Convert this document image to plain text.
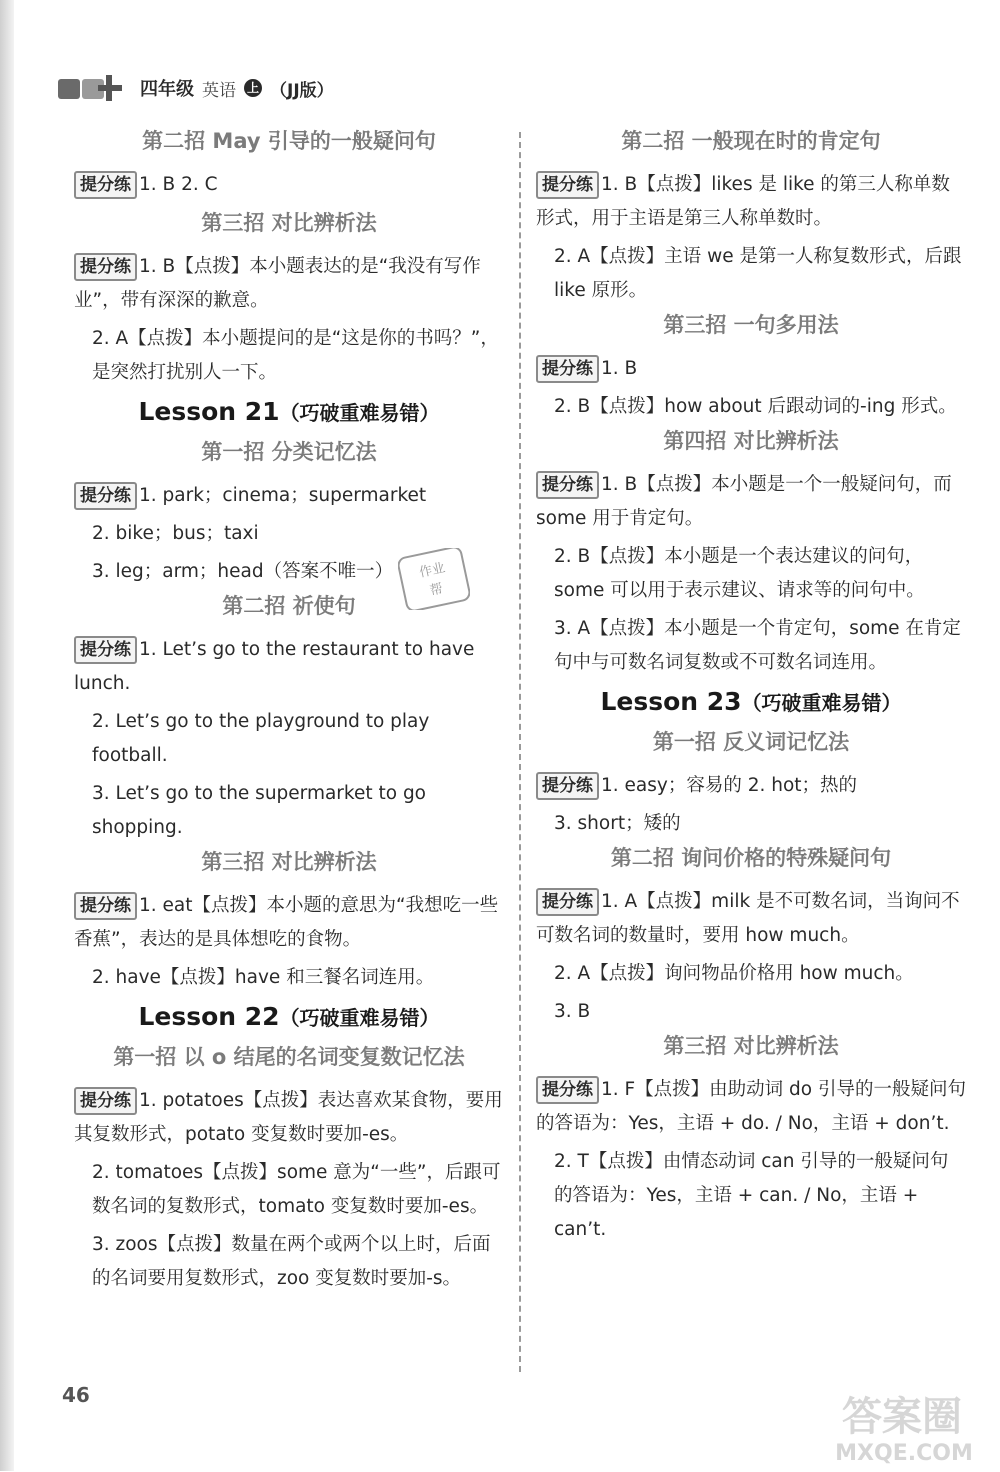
四年级 英语 上 （JJ版）
第二招 May 引导的一般疑问句
提分练 1. B 2. C
第三招 对比辨析法
提分练 1. B【点拨】本小题表达的是“我没有写作业”，带有深深的歉意。
2. A【点拨】本小题提问的是“这是你的书吗？”，是突然打扰别人一下。
Lesson 21（巧破重难易错）
第一招 分类记忆法
提分练 1. park；cinema；supermarket
2. bike；bus；taxi
3. leg；arm；head（答案不唯一）
第二招 祈使句
提分练 1. Let’s go to the restaurant to have lunch.
2. Let’s go to the playground to play football.
3. Let’s go to the supermarket to go shopping.
第三招 对比辨析法
提分练 1. eat【点拨】本小题的意思为“我想吃一些香蕉”，表达的是具体想吃的食物。
2. have【点拨】have 和三餐名词连用。
Lesson 22（巧破重难易错）
第一招 以 o 结尾的名词变复数记忆法
提分练 1. potatoes【点拨】表达喜欢某食物，要用其复数形式，potato 变复数时要加-es。
2. tomatoes【点拨】some 意为“一些”，后跟可数名词的复数形式，tomato 变复数时要加-es。
3. zoos【点拨】数量在两个或两个以上时，后面的名词要用复数形式，zoo 变复数时要加-s。
第二招 一般现在时的肯定句
提分练 1. B【点拨】likes 是 like 的第三人称单数形式，用于主语是第三人称单数时。
2. A【点拨】主语 we 是第一人称复数形式，后跟 like 原形。
第三招 一句多用法
提分练 1. B
2. B【点拨】how about 后跟动词的-ing 形式。
第四招 对比辨析法
提分练 1. B【点拨】本小题是一个一般疑问句，而 some 用于肯定句。
2. B【点拨】本小题是一个表达建议的问句，some 可以用于表示建议、请求等的问句中。
3. A【点拨】本小题是一个肯定句，some 在肯定句中与可数名词复数或不可数名词连用。
Lesson 23（巧破重难易错）
第一招 反义词记忆法
提分练 1. easy；容易的 2. hot；热的
3. short；矮的
第二招 询问价格的特殊疑问句
提分练 1. A【点拨】milk 是不可数名词，当询问不可数名词的数量时，要用 how much。
2. A【点拨】询问物品价格用 how much。
3. B
第三招 对比辨析法
提分练 1. F【点拨】由助动词 do 引导的一般疑问句的答语为：Yes，主语 + do. / No，主语 + don’t.
2. T【点拨】由情态动词 can 引导的一般疑问句的答语为：Yes，主语 + can. / No，主语 + can’t.
作业
帮
46	答案圈
MXQE.COM
